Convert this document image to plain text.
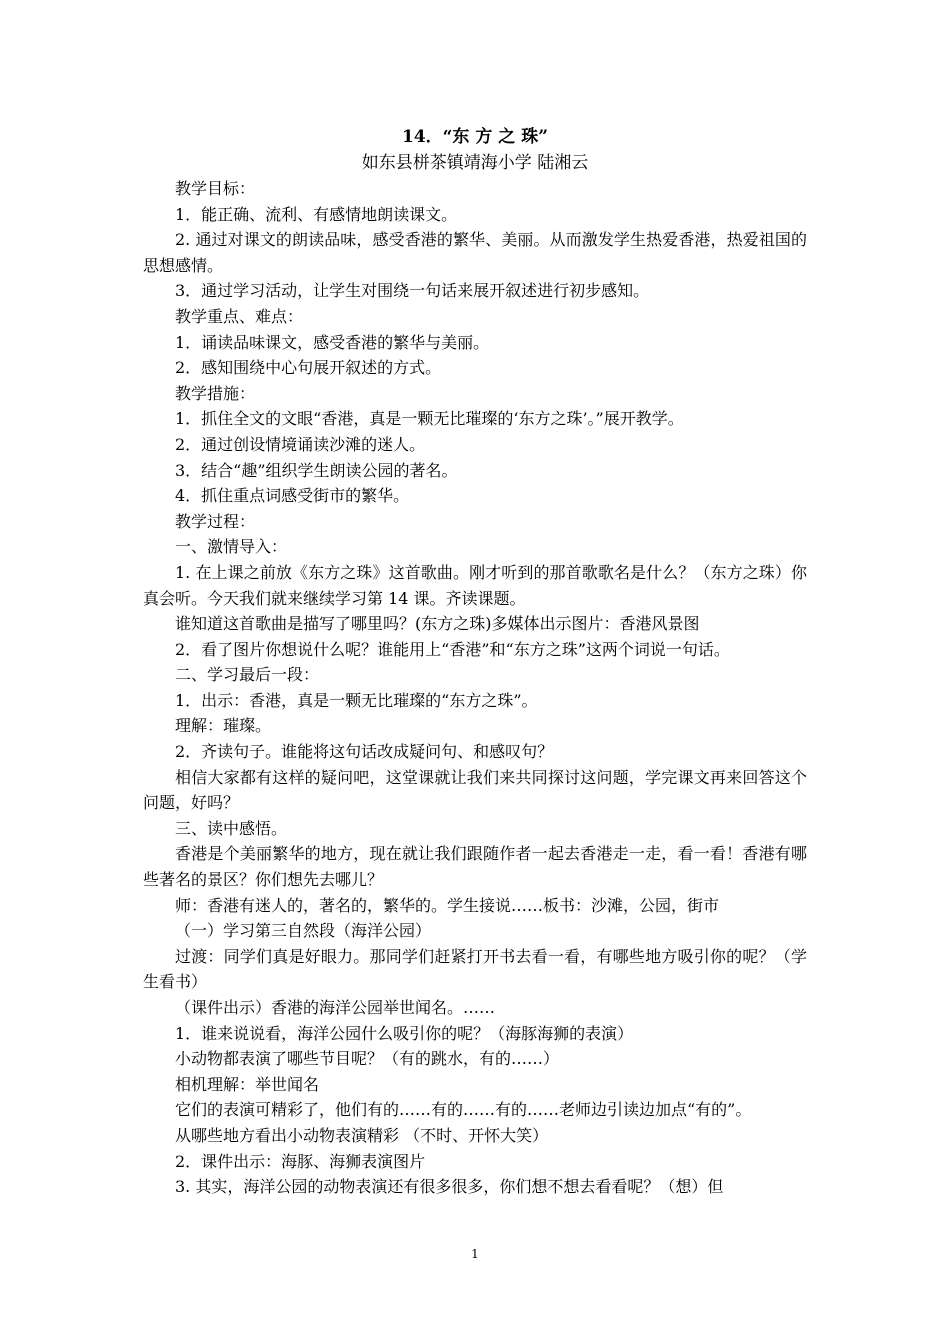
14．“东 方 之 珠”
如东县栟茶镇靖海小学 陆湘云
教学目标：
1．能正确、流利、有感情地朗读课文。
2. 通过对课文的朗读品味，感受香港的繁华、美丽。从而激发学生热爱香港，热爱祖国的思想感情。
3．通过学习活动，让学生对围绕一句话来展开叙述进行初步感知。
教学重点、难点：
1．诵读品味课文，感受香港的繁华与美丽。
2．感知围绕中心句展开叙述的方式。
教学措施：
1．抓住全文的文眼“香港，真是一颗无比璀璨的‘东方之珠’。”展开教学。
2．通过创设情境诵读沙滩的迷人。
3．结合“趣”组织学生朗读公园的著名。
4．抓住重点词感受街市的繁华。
教学过程：
一、激情导入：
1. 在上课之前放《东方之珠》这首歌曲。刚才听到的那首歌歌名是什么？（东方之珠）你真会听。今天我们就来继续学习第 14 课。齐读课题。
谁知道这首歌曲是描写了哪里吗？(东方之珠)多媒体出示图片：香港风景图
2．看了图片你想说什么呢？谁能用上“香港”和“东方之珠”这两个词说一句话。
二、学习最后一段：
1．出示：香港，真是一颗无比璀璨的“东方之珠”。
理解：璀璨。
2．齐读句子。谁能将这句话改成疑问句、和感叹句？
相信大家都有这样的疑问吧，这堂课就让我们来共同探讨这问题，学完课文再来回答这个问题，好吗？
三、读中感悟。
香港是个美丽繁华的地方，现在就让我们跟随作者一起去香港走一走，看一看！香港有哪些著名的景区？你们想先去哪儿？
师：香港有迷人的，著名的，繁华的。学生接说……板书：沙滩，公园，街市
（一）学习第三自然段（海洋公园）
过渡：同学们真是好眼力。那同学们赶紧打开书去看一看，有哪些地方吸引你的呢？（学生看书）
（课件出示）香港的海洋公园举世闻名。……
1．谁来说说看，海洋公园什么吸引你的呢？（海豚海狮的表演）
小动物都表演了哪些节目呢？（有的跳水，有的……）
相机理解：举世闻名
它们的表演可精彩了，他们有的……有的……有的……老师边引读边加点“有的”。
从哪些地方看出小动物表演精彩 （不时、开怀大笑）
2．课件出示：海豚、海狮表演图片
3. 其实，海洋公园的动物表演还有很多很多，你们想不想去看看呢？（想）但
1
